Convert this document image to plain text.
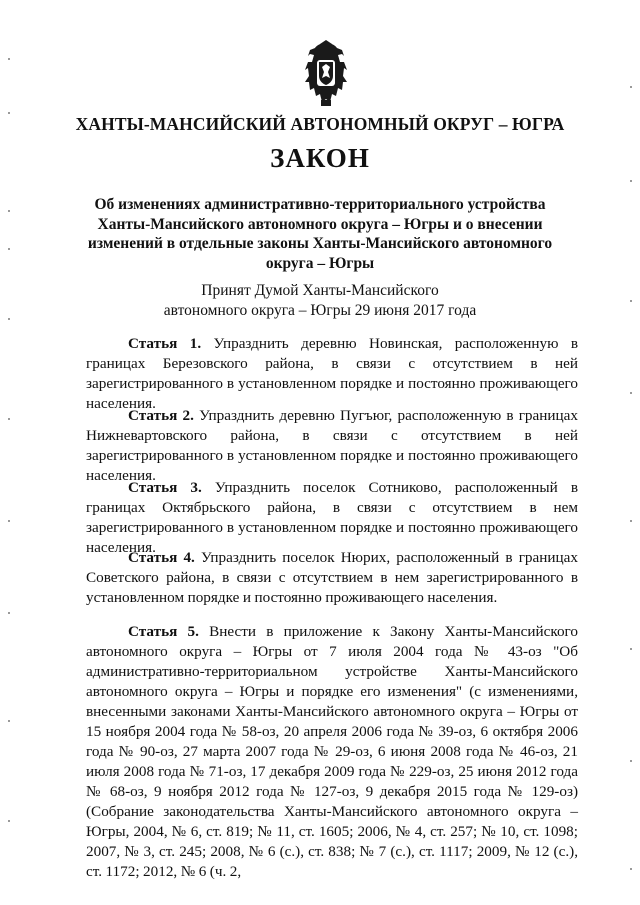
ХАНТЫ-МАНСИЙСКИЙ АВТОНОМНЫЙ ОКРУГ – ЮГРА
ЗАКОН
Об изменениях административно-территориального устройства Ханты-Мансийского автономного округа – Югры и о внесении изменений в отдельные законы Ханты-Мансийского автономного округа – Югры
Принят Думой Ханты-Мансийского
автономного округа – Югры 29 июня 2017 года

Статья 1. Упразднить деревню Новинская, расположенную в границах Березовского района, в связи с отсутствием в ней зарегистрированного в установленном порядке и постоянно проживающего населения.

Статья 2. Упразднить деревню Пугъюг, расположенную в границах Нижневартовского района, в связи с отсутствием в ней зарегистрированного в установленном порядке и постоянно проживающего населения.

Статья 3. Упразднить поселок Сотниково, расположенный в границах Октябрьского района, в связи с отсутствием в нем зарегистрированного в установленном порядке и постоянно проживающего населения.

Статья 4. Упразднить поселок Нюрих, расположенный в границах Советского района, в связи с отсутствием в нем зарегистрированного в установленном порядке и постоянно проживающего населения.

Статья 5. Внести в приложение к Закону Ханты-Мансийского автономного округа – Югры от 7 июля 2004 года № 43-оз "Об административно-территориальном устройстве Ханты-Мансийского автономного округа – Югры и порядке его изменения" (с изменениями, внесенными законами Ханты-Мансийского автономного округа – Югры от 15 ноября 2004 года № 58-оз, 20 апреля 2006 года № 39-оз, 6 октября 2006 года № 90-оз, 27 марта 2007 года № 29-оз, 6 июня 2008 года № 46-оз, 21 июля 2008 года № 71-оз, 17 декабря 2009 года № 229-оз, 25 июня 2012 года № 68-оз, 9 ноября 2012 года № 127-оз, 9 декабря 2015 года № 129-оз) (Собрание законодательства Ханты-Мансийского автономного округа – Югры, 2004, № 6, ст. 819; № 11, ст. 1605; 2006, № 4, ст. 257; № 10, ст. 1098; 2007, № 3, ст. 245; 2008, № 6 (с.), ст. 838; № 7 (с.), ст. 1117; 2009, № 12 (с.), ст. 1172; 2012, № 6 (ч. 2,
